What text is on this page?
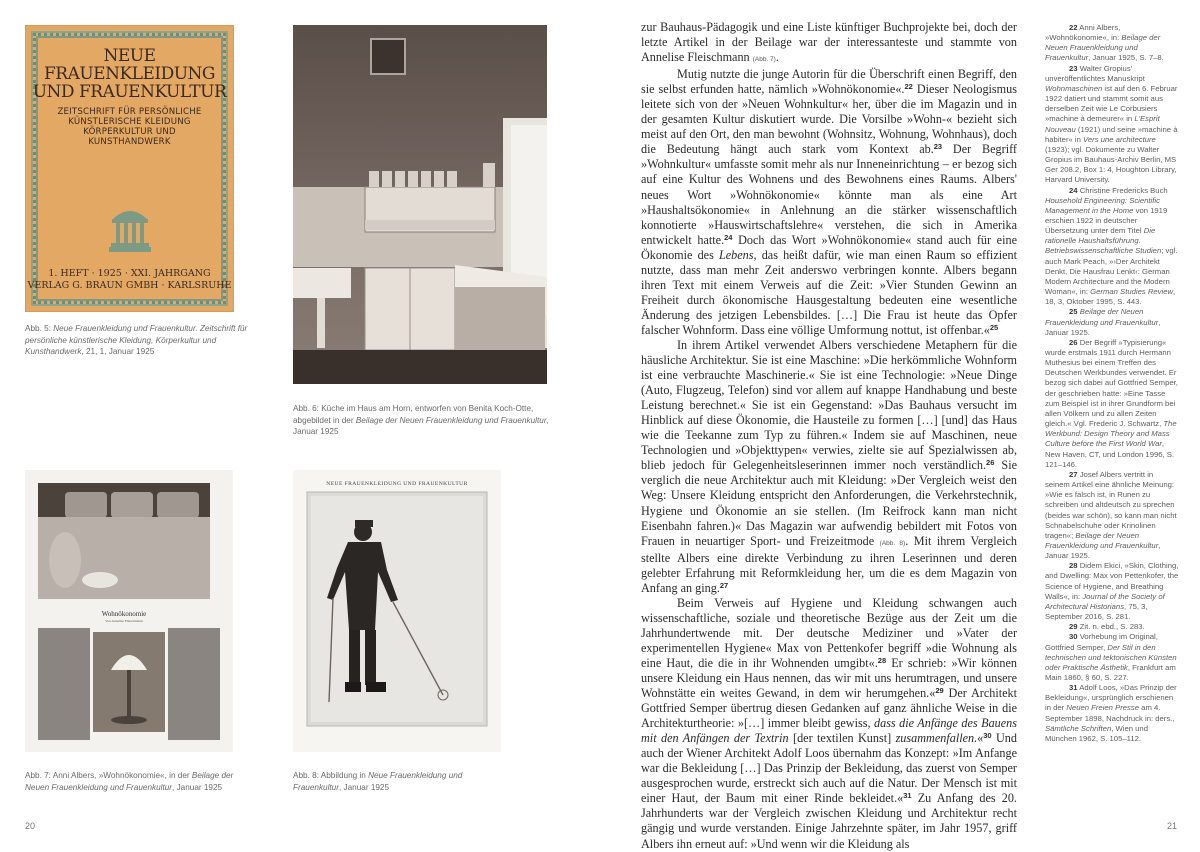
NEUE
FRAUENKLEIDUNG
UND FRAUENKULTUR
ZEITSCHRIFT FÜR PERSÖNLICHE
KÜNSTLERISCHE KLEIDUNG
KÖRPERKULTUR UND
KUNSTHANDWERK
1. HEFT · 1925 · XXI. JAHRGANG
VERLAG G. BRAUN GMBH · KARLSRUHE
Abb. 5: Neue Frauenkleidung und Frauenkultur. Zeitschrift für persönliche künstlerische Kleidung, Körperkultur und Kunsthandwerk, 21, 1, Januar 1925
Abb. 6: Küche im Haus am Horn, entworfen von Benita Koch-Otte, abgebildet in der Beilage der Neuen Frauenkleidung und Frauenkultur, Januar 1925
Wohnökonomie
Von Annelise Fleischmann
Abb. 7: Anni Albers, »Wohnökonomie«, in der Beilage der Neuen Frauenkleidung und Frauenkultur, Januar 1925
NEUE FRAUENKLEIDUNG UND FRAUENKULTUR
Abb. 8: Abbildung in Neue Frauenkleidung und Frauenkultur, Januar 1925
20

zur Bauhaus-Pädagogik und eine Liste künftiger Buchprojekte bei, doch der letzte Artikel in der Beilage war der interessanteste und stammte von Annelise Fleischmann (Abb. 7).

Mutig nutzte die junge Autorin für die Überschrift einen Begriff, den sie selbst erfunden hatte, nämlich »Wohnökonomie«.$^{22}$ Dieser Neologismus leitete sich von der »Neuen Wohnkultur« her, über die im Magazin und in der gesamten Kultur diskutiert wurde. Die Vorsilbe »Wohn-« bezieht sich meist auf den Ort, den man bewohnt (Wohnsitz, Wohnung, Wohnhaus), doch die Bedeutung hängt auch stark vom Kontext ab.$^{23}$ Der Begriff »Wohnkultur« umfasste somit mehr als nur Inneneinrichtung – er bezog sich auf eine Kultur des Wohnens und des Bewohnens eines Raums. Albers' neues Wort »Wohnökonomie« könnte man als eine Art »Haushaltsökonomie« in Anlehnung an die stärker wissenschaftlich konnotierte »Hauswirtschaftslehre« verstehen, die sich in Amerika entwickelt hatte.$^{24}$ Doch das Wort »Wohnökonomie« stand auch für eine Ökonomie des Lebens, das heißt dafür, wie man einen Raum so effizient nutzte, dass man mehr Zeit anderswo verbringen konnte. Albers begann ihren Text mit einem Verweis auf die Zeit: »Vier Stunden Gewinn an Freiheit durch ökonomische Hausgestaltung bedeuten eine wesentliche Änderung des jetzigen Lebensbildes. […] Die Frau ist heute das Opfer falscher Wohnform. Dass eine völlige Umformung nottut, ist offenbar.«$^{25}$

In ihrem Artikel verwendet Albers verschiedene Metaphern für die häusliche Architektur. Sie ist eine Maschine: »Die herkömmliche Wohnform ist eine verbrauchte Maschinerie.« Sie ist eine Technologie: »Neue Dinge (Auto, Flugzeug, Telefon) sind vor allem auf knappe Handhabung und beste Leistung berechnet.« Sie ist ein Gegenstand: »Das Bauhaus versucht im Hinblick auf diese Ökonomie, die Hausteile zu formen […] [und] das Haus wie die Teekanne zum Typ zu führen.« Indem sie auf Maschinen, neue Technologien und »Objekttypen« verwies, zielte sie auf Spezialwissen ab, blieb jedoch für Gelegenheitsleserinnen immer noch verständlich.$^{26}$ Sie verglich die neue Architektur auch mit Kleidung: »Der Vergleich weist den Weg: Unsere Kleidung entspricht den Anforderungen, die Verkehrstechnik, Hygiene und Ökonomie an sie stellen. (Im Reifrock kann man nicht Eisenbahn fahren.)« Das Magazin war aufwendig bebildert mit Fotos von Frauen in neuartiger Sport- und Freizeitmode (Abb. 8). Mit ihrem Vergleich stellte Albers eine direkte Verbindung zu ihren Leserinnen und deren gelebter Erfahrung mit Reformkleidung her, um die es dem Magazin von Anfang an ging.$^{27}$

Beim Verweis auf Hygiene und Kleidung schwangen auch wissenschaftliche, soziale und theoretische Bezüge aus der Zeit um die Jahrhundertwende mit. Der deutsche Mediziner und »Vater der experimentellen Hygiene« Max von Pettenkofer begriff »die Wohnung als eine Haut, die die in ihr Wohnenden umgibt«.$^{28}$ Er schrieb: »Wir können unsere Kleidung ein Haus nennen, das wir mit uns herumtragen, und unsere Wohnstätte ein weites Gewand, in dem wir herumgehen.«$^{29}$ Der Architekt Gottfried Semper übertrug diesen Gedanken auf ganz ähnliche Weise in die Architekturtheorie: »[…] immer bleibt gewiss, dass die Anfänge des Bauens mit den Anfängen der Textrin [der textilen Kunst] zusammenfallen.«$^{30}$ Und auch der Wiener Architekt Adolf Loos übernahm das Konzept: »Im Anfange war die Bekleidung […] Das Prinzip der Bekleidung, das zuerst von Semper ausgesprochen wurde, erstreckt sich auch auf die Natur. Der Mensch ist mit einer Haut, der Baum mit einer Rinde bekleidet.«$^{31}$ Zu Anfang des 20. Jahrhunderts war der Vergleich zwischen Kleidung und Architektur recht gängig und wurde verstanden. Einige Jahrzehnte später, im Jahr 1957, griff Albers ihn erneut auf: »Und wenn wir die Kleidung als

22 Anni Albers, »Wohnökonomie«, in: Beilage der Neuen Frauenkleidung und Frauenkultur, Januar 1925, S. 7–8.

23 Walter Gropius' unveröffentlichtes Manuskript Wohnmaschinen ist auf den 6. Februar 1922 datiert und stammt somit aus derselben Zeit wie Le Corbusiers »machine à demeurer« in L'Esprit Nouveau (1921) und seine »machine à habiter« in Vers une architecture (1923); vgl. Dokumente zu Walter Gropius im Bauhaus-Archiv Berlin, MS Ger 208.2, Box 1: 4, Houghton Library, Harvard University.

24 Christine Fredericks Buch Household Engineering: Scientific Management in the Home von 1919 erschien 1922 in deutscher Übersetzung unter dem Titel Die rationelle Haushaltsführung. Betriebswissenschaftliche Studien; vgl. auch Mark Peach, »›Der Architekt Denkt, Die Hausfrau Lenkt‹: German Modern Architecture and the Modern Woman«, in: German Studies Review, 18, 3, Oktober 1995, S. 443.

25 Beilage der Neuen Frauenkleidung und Frauenkultur, Januar 1925.

26 Der Begriff »Typisierung« wurde erstmals 1911 durch Hermann Muthesius bei einem Treffen des Deutschen Werkbundes verwendet. Er bezog sich dabei auf Gottfried Semper, der geschrieben hatte: »Eine Tasse zum Beispiel ist in ihrer Grundform bei allen Völkern und zu allen Zeiten gleich.« Vgl. Frederic J. Schwartz, The Werkbund: Design Theory and Mass Culture before the First World War, New Haven, CT, und London 1996, S. 121–146.

27 Josef Albers vertritt in seinem Artikel eine ähnliche Meinung: »Wie es falsch ist, in Runen zu schreiben und altdeutsch zu sprechen (beides war schön), so kann man nicht Schnabelschuhe oder Krinolinen tragen«; Beilage der Neuen Frauenkleidung und Frauenkultur, Januar 1925.

28 Didem Ekici, »Skin, Clothing, and Dwelling: Max von Pettenkofer, the Science of Hygiene, and Breathing Walls«, in: Journal of the Society of Architectural Historians, 75, 3, September 2016, S. 281.

29 Zit. n. ebd., S. 283.

30 Vorhebung im Original, Gottfried Semper, Der Stil in den technischen und tektonischen Künsten oder Praktische Ästhetik, Frankfurt am Main 1860, § 60, S. 227.

31 Adolf Loos, »Das Prinzip der Bekleidung«, ursprünglich erschienen in der Neuen Freien Presse am 4. September 1898, Nachdruck in: ders., Sämtliche Schriften, Wien und München 1962, S. 105–112.

21
